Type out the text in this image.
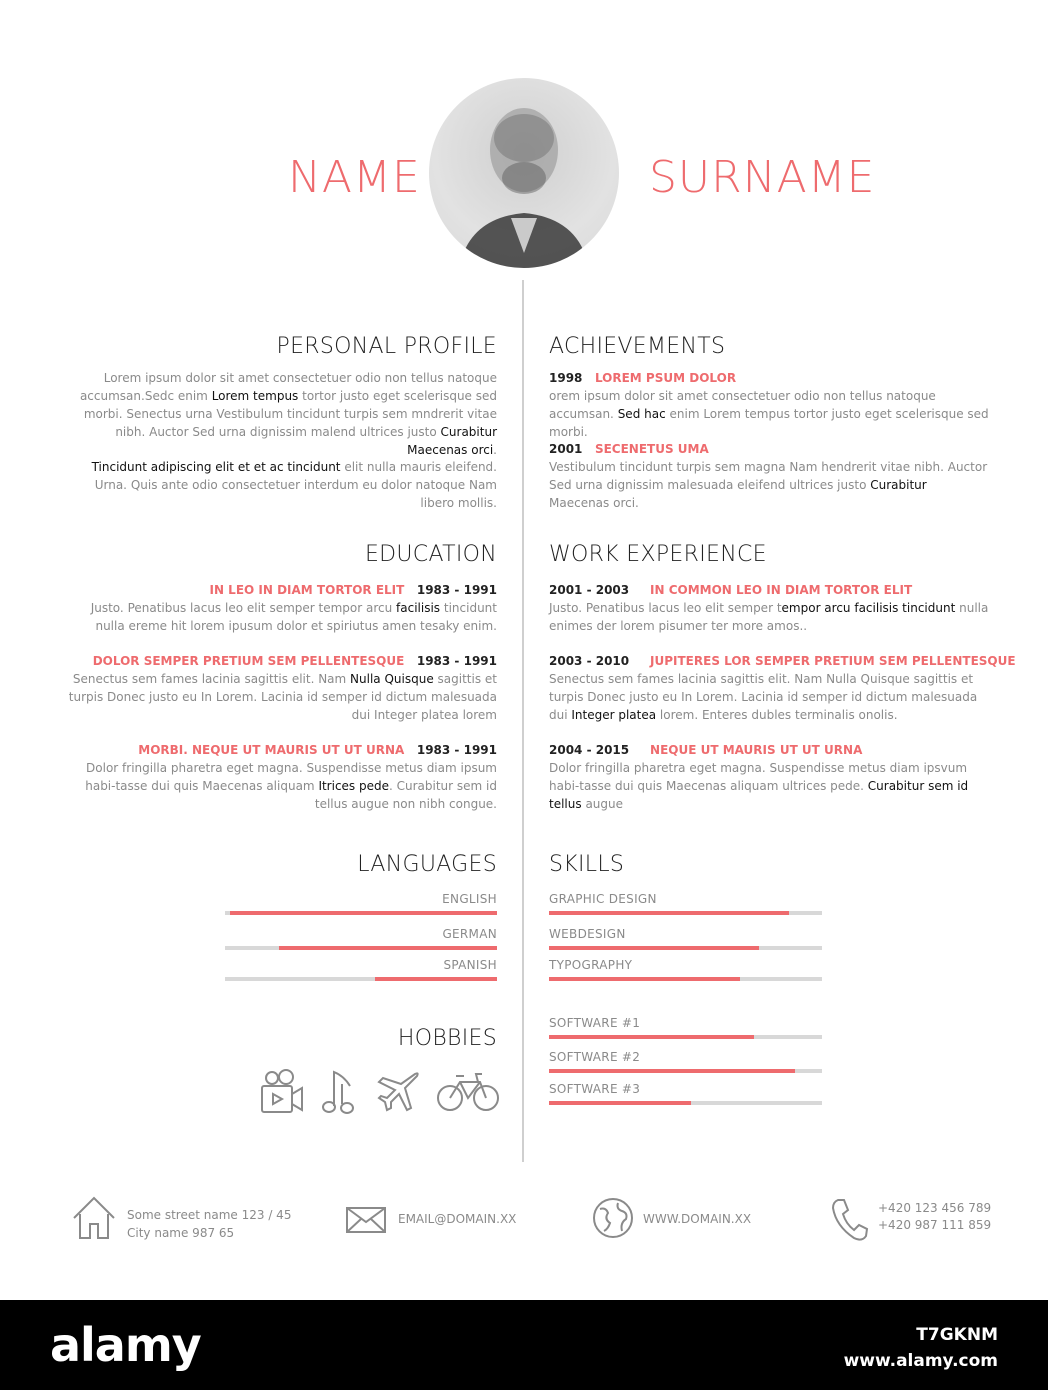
NAME	SURNAME
PERSONAL PROFILE

Lorem ipsum dolor sit amet consectetuer odio non tellus natoque accumsan.Sedc enim Lorem tempus tortor justo eget scelerisque sed morbi. Senectus urna Vestibulum tincidunt turpis sem mndrerit vitae nibh. Auctor Sed urna dignissim malend ultrices justo Curabitur Maecenas orci.

Tincidunt adipiscing elit et et ac tincidunt elit nulla mauris eleifend. Urna. Quis ante odio consectetuer interdum eu dolor natoque Nam libero mollis.

ACHIEVEMENTS
1998 LOREM PSUM DOLOR

orem ipsum dolor sit amet consectetuer odio non tellus natoque accumsan. Sed hac enim Lorem tempus tortor justo eget scelerisque sed morbi.

2001 SECENETUS UMA

Vestibulum tincidunt turpis sem magna Nam hendrerit vitae nibh. Auctor Sed urna dignissim malesuada eleifend ultrices justo Curabitur Maecenas orci.

EDUCATION
IN LEO IN DIAM TORTOR ELIT 1983 - 1991

Justo. Penatibus lacus leo elit semper tempor arcu facilisis tincidunt nulla ereme hit lorem ipusum dolor et spiriutus amen tesaky enim.

DOLOR SEMPER PRETIUM SEM PELLENTESQUE 1983 - 1991

Senectus sem fames lacinia sagittis elit. Nam Nulla Quisque sagittis et turpis Donec justo eu In Lorem. Lacinia id semper id dictum malesuada dui Integer platea lorem

MORBI. NEQUE UT MAURIS UT UT URNA 1983 - 1991

Dolor fringilla pharetra eget magna. Suspendisse metus diam ipsum habi-tasse dui quis Maecenas aliquam Itrices pede. Curabitur sem id tellus augue non nibh congue.

WORK EXPERIENCE
2001 - 2003 IN COMMON LEO IN DIAM TORTOR ELIT

Justo. Penatibus lacus leo elit semper tempor arcu facilisis tincidunt nulla enimes der lorem pisumer ter more amos..

2003 - 2010 JUPITERES LOR SEMPER PRETIUM SEM PELLENTESQUE

Senectus sem fames lacinia sagittis elit. Nam Nulla Quisque sagittis et turpis Donec justo eu In Lorem. Lacinia id semper id dictum malesuada dui Integer platea lorem. Enteres dubles terminalis onolis.

2004 - 2015 NEQUE UT MAURIS UT UT URNA

Dolor fringilla pharetra eget magna. Suspendisse metus diam ipsvum habi-tasse dui quis Maecenas aliquam ultrices pede. Curabitur sem id tellus augue

LANGUAGES
ENGLISH
GERMAN
SPANISH
SKILLS
GRAPHIC DESIGN
WEBDESIGN
TYPOGRAPHY
SOFTWARE #1
SOFTWARE #2
SOFTWARE #3
HOBBIES
Some street name 123 / 45
City name 987 65
EMAIL@DOMAIN.XX	WWW.DOMAIN.XX
+420 123 456 789
+420 987 111 859
alamy	T7GKNM
www.alamy.com
